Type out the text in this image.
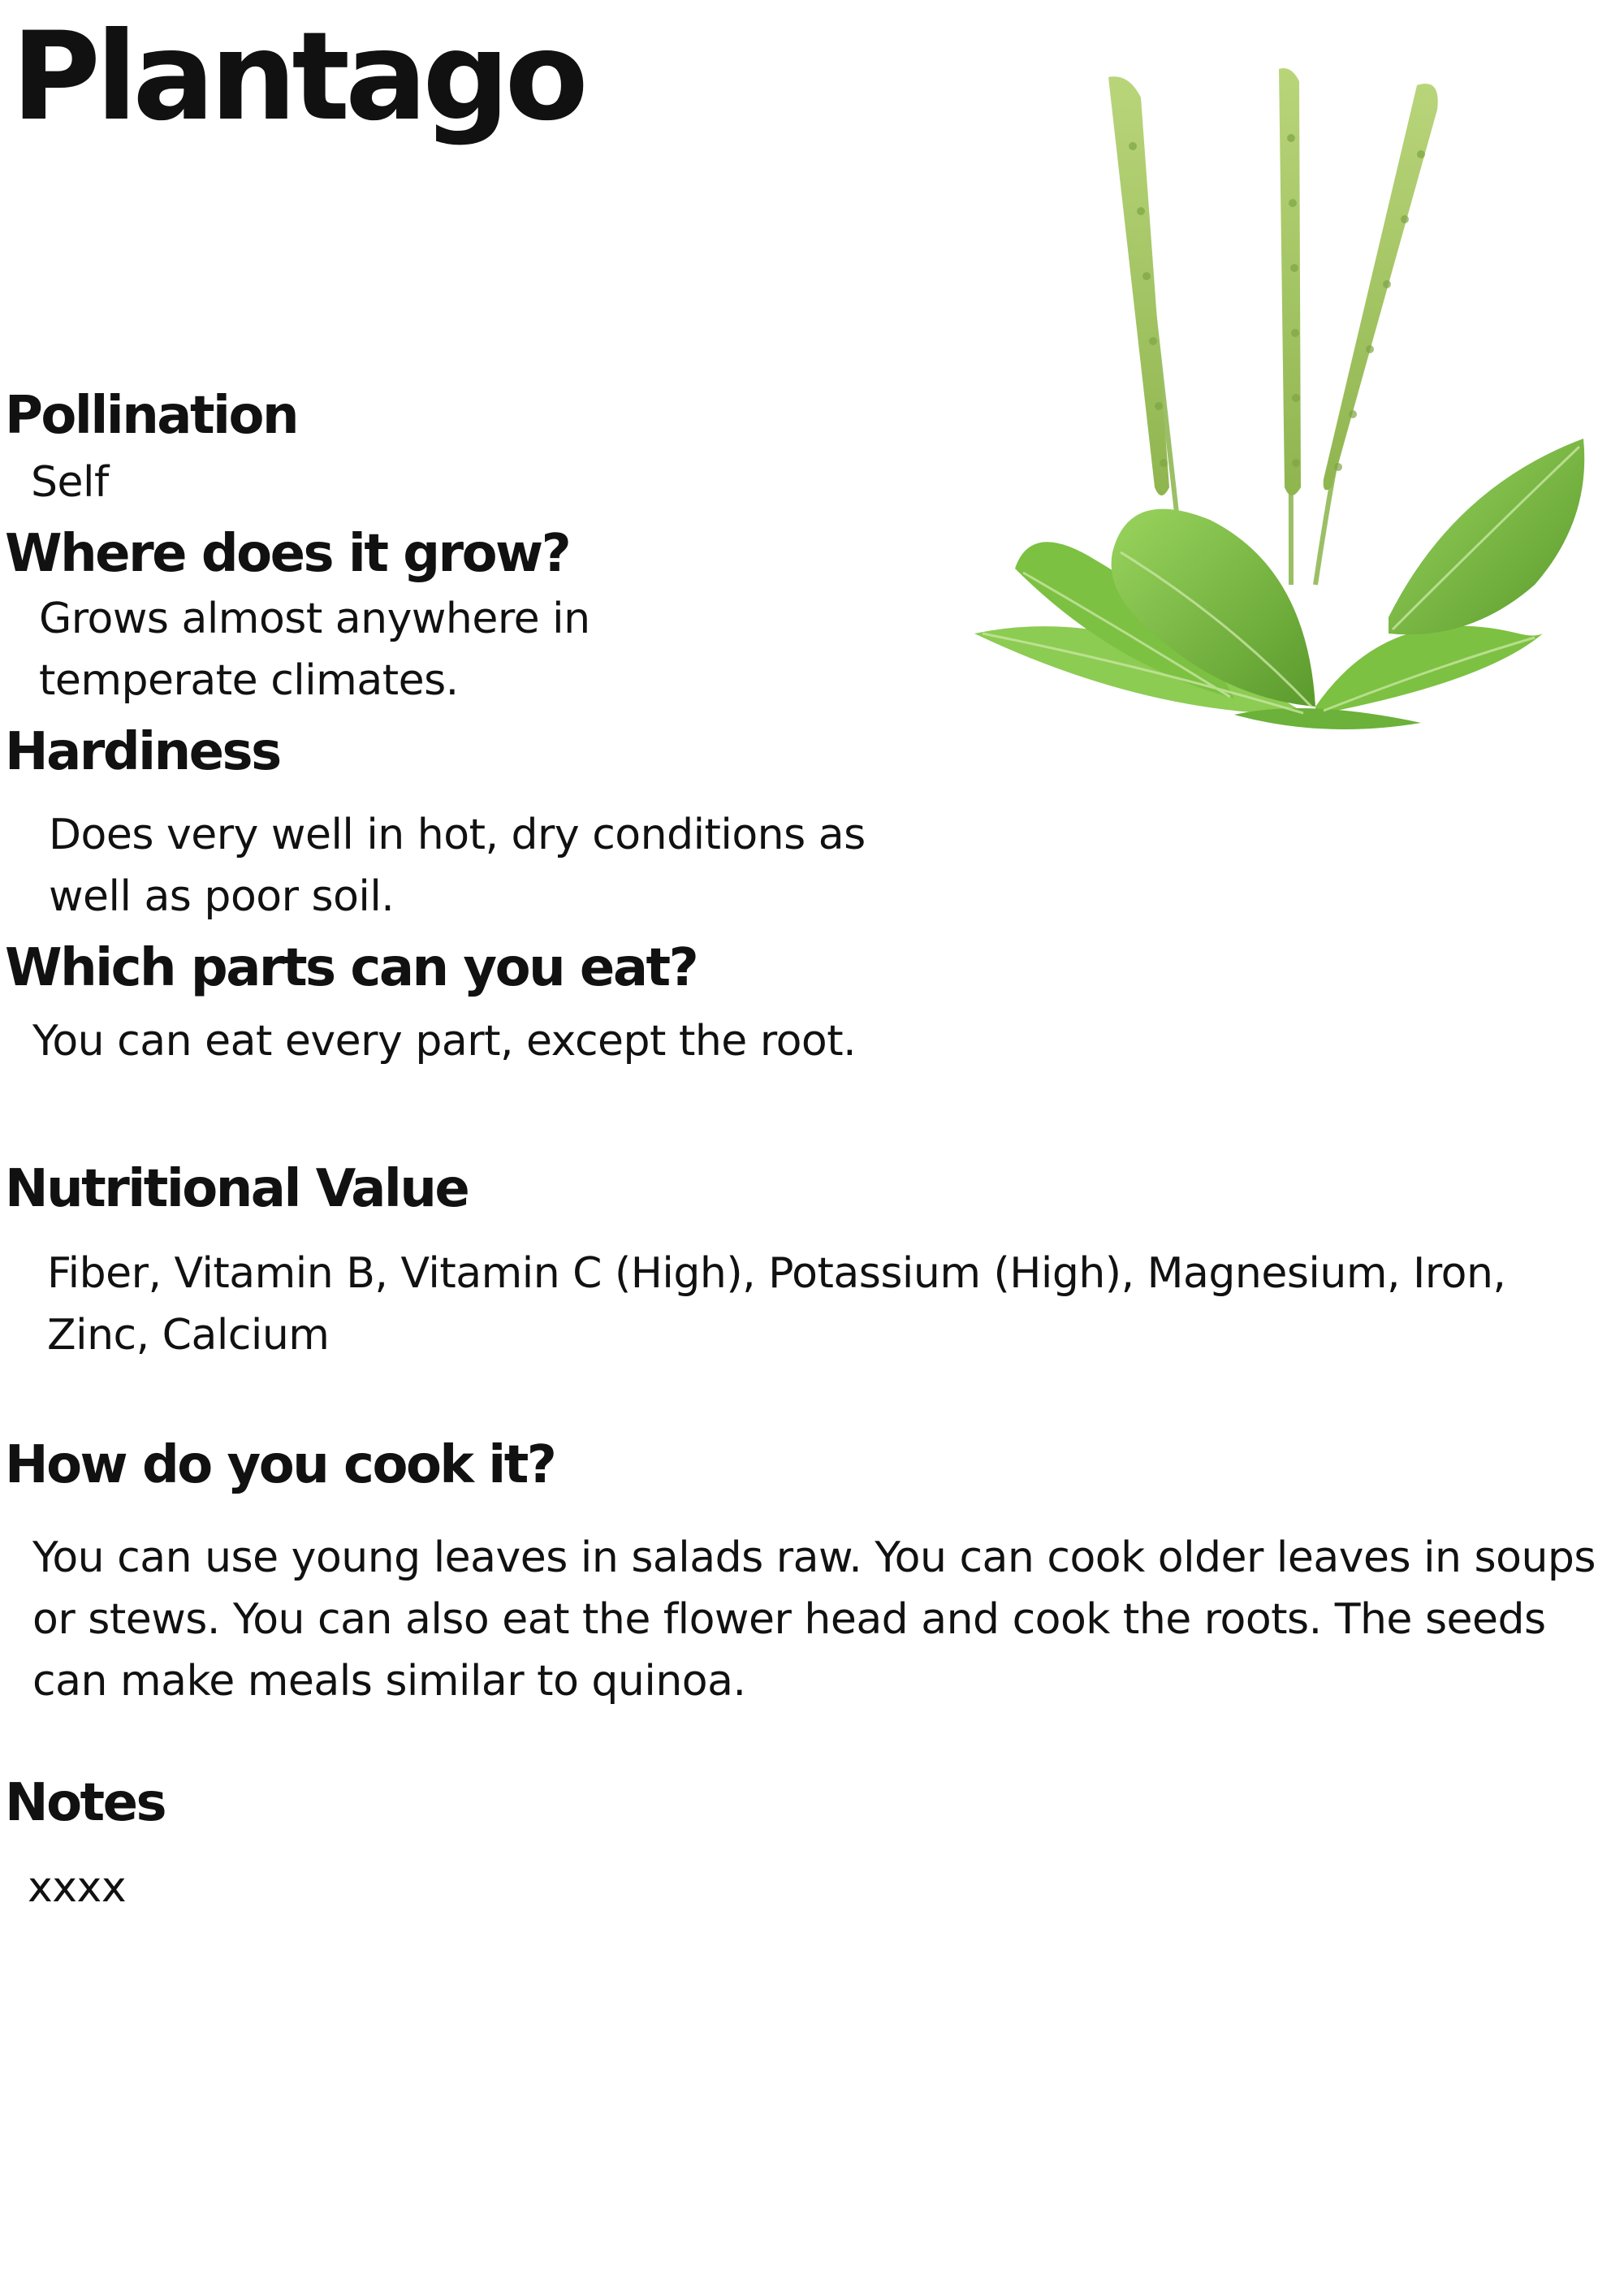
Plantago
Pollination

Self

Where does it grow?

Grows almost anywhere in temperate climates.

Hardiness

Does very well in hot, dry conditions as well as poor soil.

Which parts can you eat?

You can eat every part, except the root.

Nutritional Value

Fiber, Vitamin B, Vitamin C (High), Potassium (High), Magnesium, Iron, Zinc, Calcium

How do you cook it?

You can use young leaves in salads raw. You can cook older leaves in soups or stews. You can also eat the flower head and cook the roots. The seeds can make meals similar to quinoa.

Notes

xxxx
